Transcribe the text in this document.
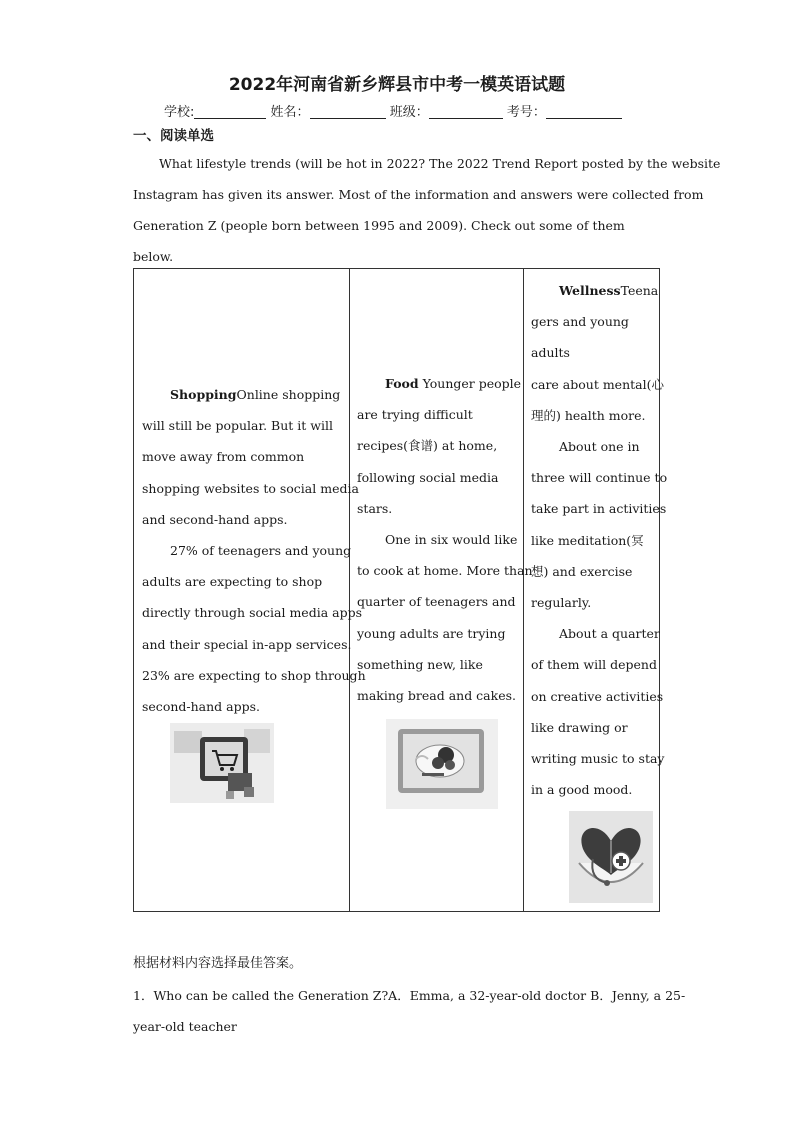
2022年河南省新乡辉县市中考一模英语试题
学校:	姓名：	班级：	考号：
一、阅读单选
What lifestyle trends (will be hot in 2022? The 2022 Trend Report posted by the website
Instagram has given its answer. Most of the information and answers were collected from
Generation Z (people born between 1995 and 2009). Check out some of them
below.
ShoppingOnline shopping
will still be popular. But it will
move away from common
shopping websites to social media
and second-hand apps.
27% of teenagers and young
adults are expecting to shop
directly through social media apps
and their special in-app services.
23% are expecting to shop through
second-hand apps.
Food Younger people
are trying difficult
recipes(食谱) at home,
following social media
stars.
One in six would like
to cook at home. More than
quarter of teenagers and
young adults are trying
something new, like
making bread and cakes.
WellnessTeena
gers and young
adults
care about mental(心
理的) health more.
About one in
three will continue to
take part in activities
like meditation(冥
想) and exercise
regularly.
About a quarter
of them will depend
on creative activities
like drawing or
writing music to stay
in a good mood.
根据材料内容选择最佳答案。
1．Who can be called the Generation Z?A．Emma, a 32-year-old doctor B．Jenny, a 25-
year-old teacher
